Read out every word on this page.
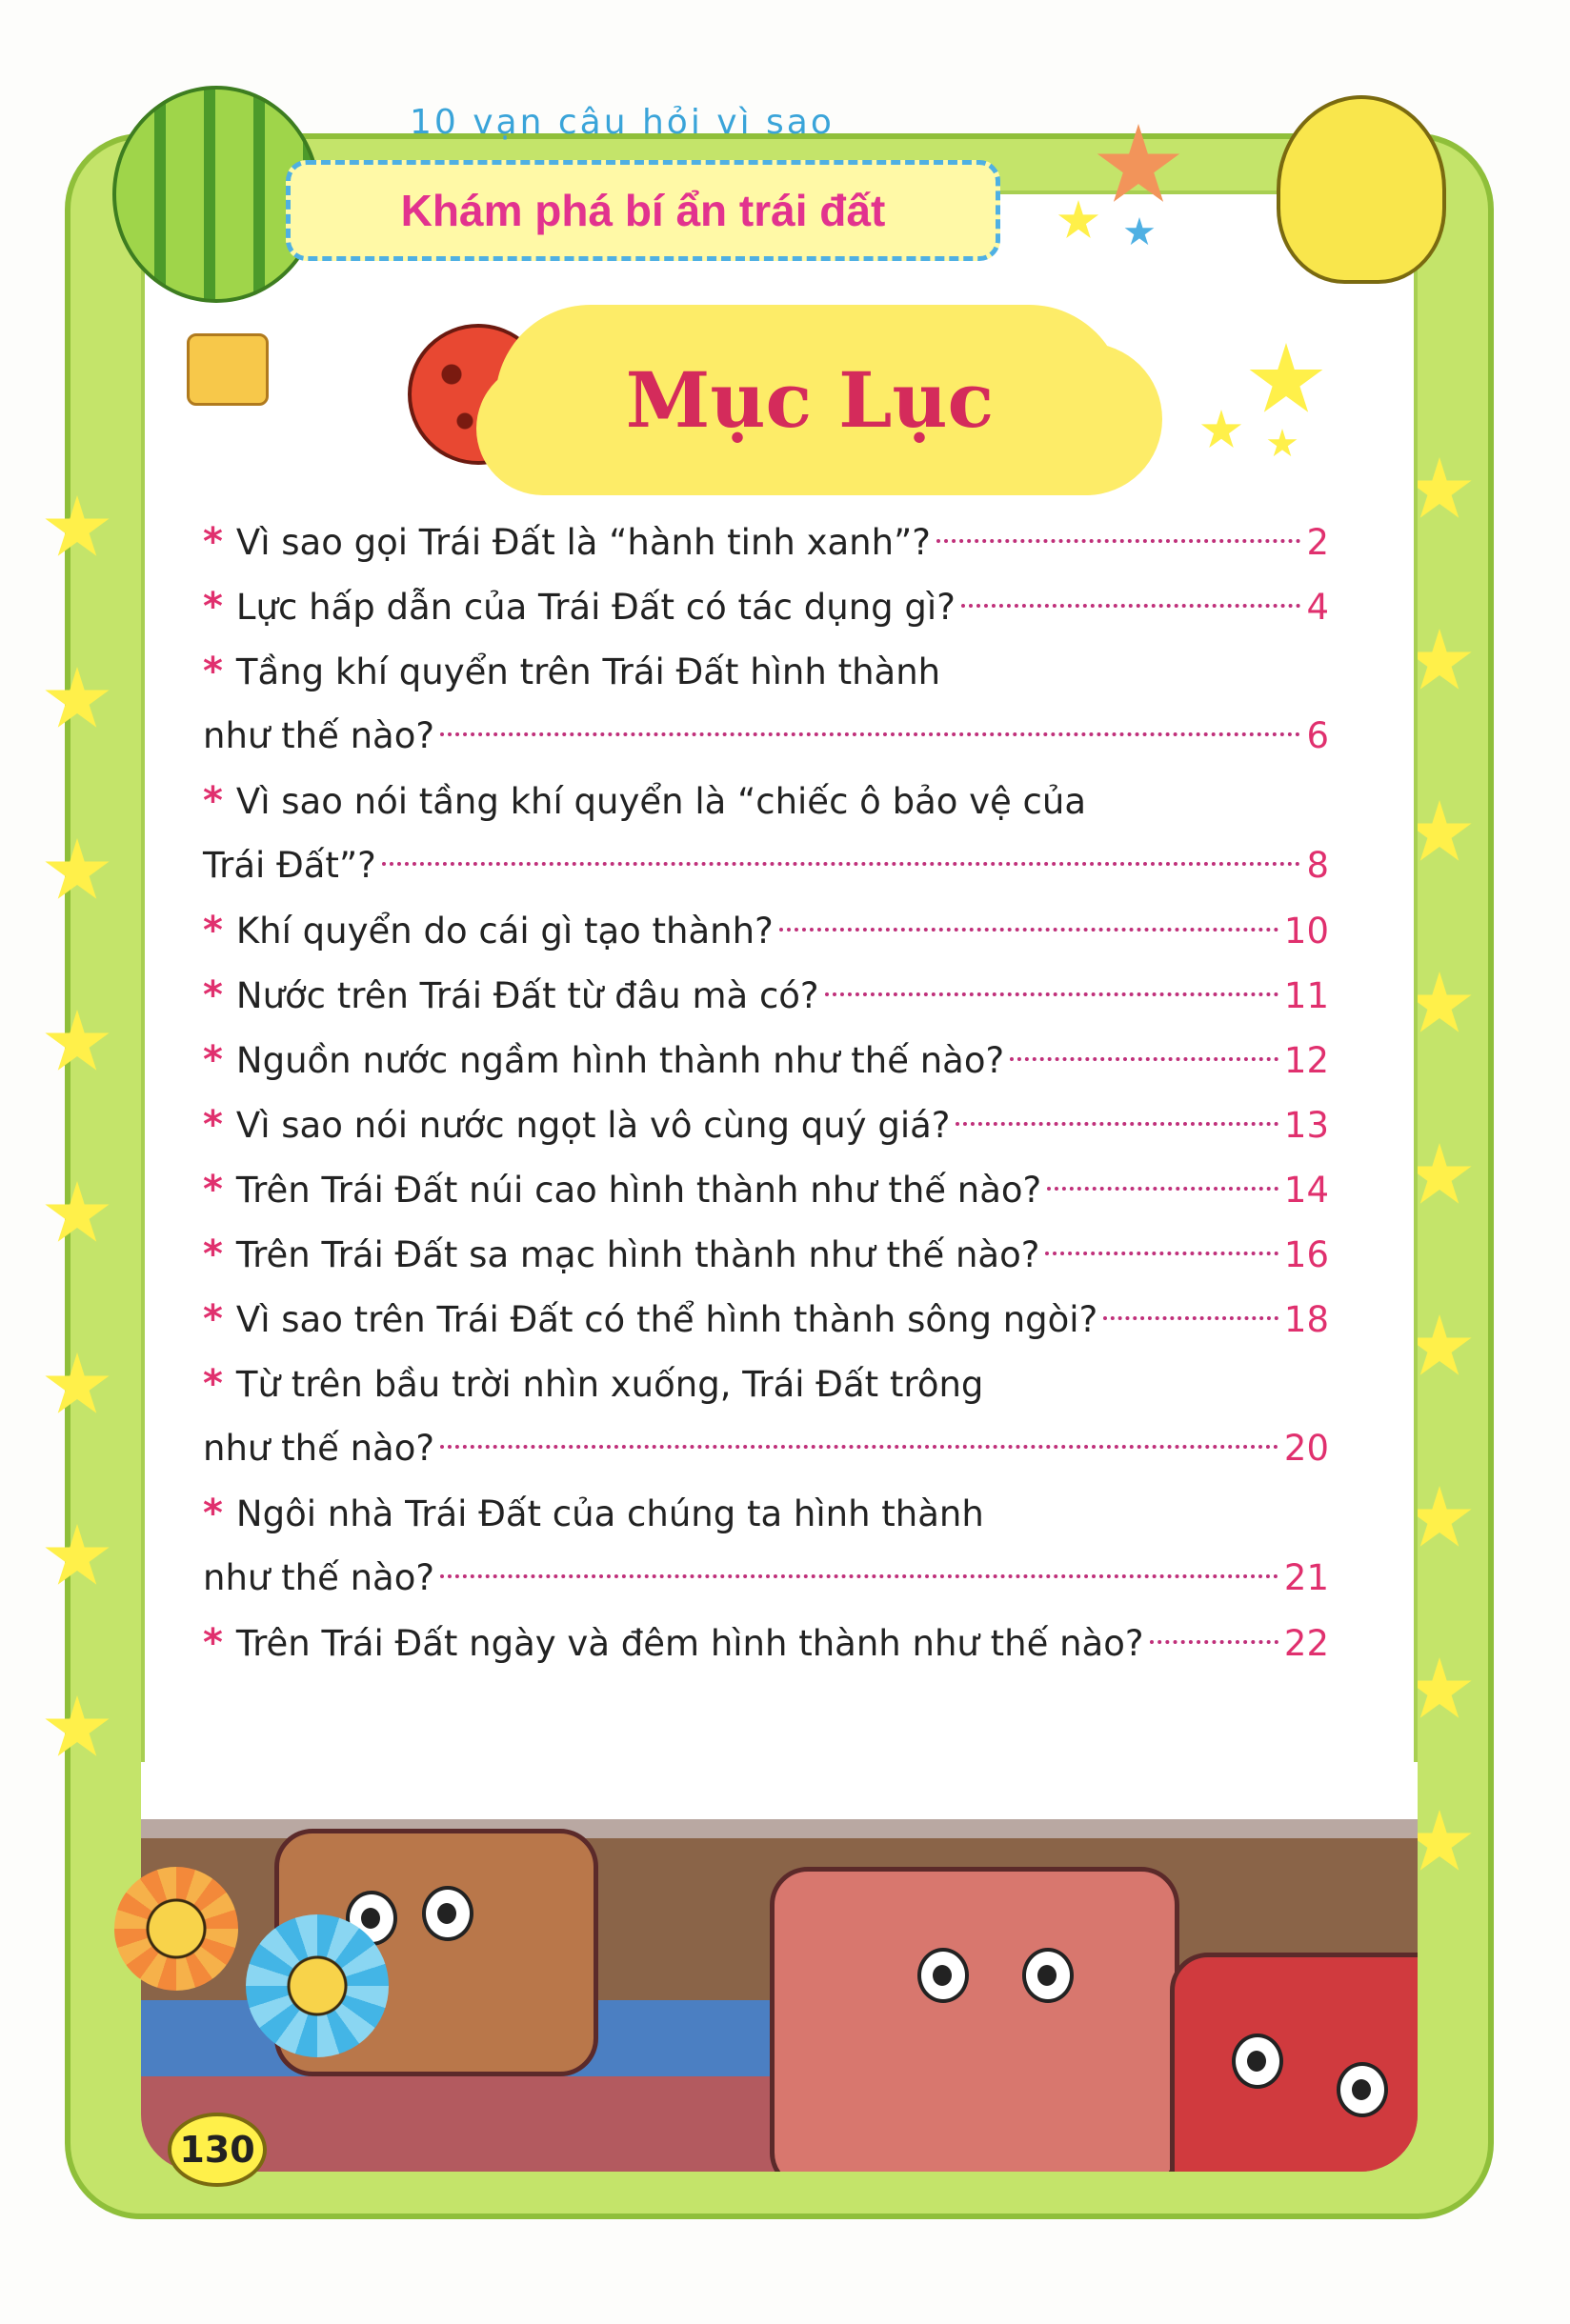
10 vạn câu hỏi vì sao
Khám phá bí ẩn trái đất
Mục Lục
* Vì sao gọi Trái Đất là “hành tinh xanh”?	2
* Lực hấp dẫn của Trái Đất có tác dụng gì?	4
* Tầng khí quyển trên Trái Đất hình thành
như thế nào?	6
* Vì sao nói tầng khí quyển là “chiếc ô bảo vệ của
Trái Đất”?	8
* Khí quyển do cái gì tạo thành?	10
* Nước trên Trái Đất từ đâu mà có?	11
* Nguồn nước ngầm hình thành như thế nào?	12
* Vì sao nói nước ngọt là vô cùng quý giá?	13
* Trên Trái Đất núi cao hình thành như thế nào?	14
* Trên Trái Đất sa mạc hình thành như thế nào?	16
* Vì sao trên Trái Đất có thể hình thành sông ngòi?	18
* Từ trên bầu trời nhìn xuống, Trái Đất trông
như thế nào?	20
* Ngôi nhà Trái Đất của chúng ta hình thành
như thế nào?	21
* Trên Trái Đất ngày và đêm hình thành như thế nào?	22
130
